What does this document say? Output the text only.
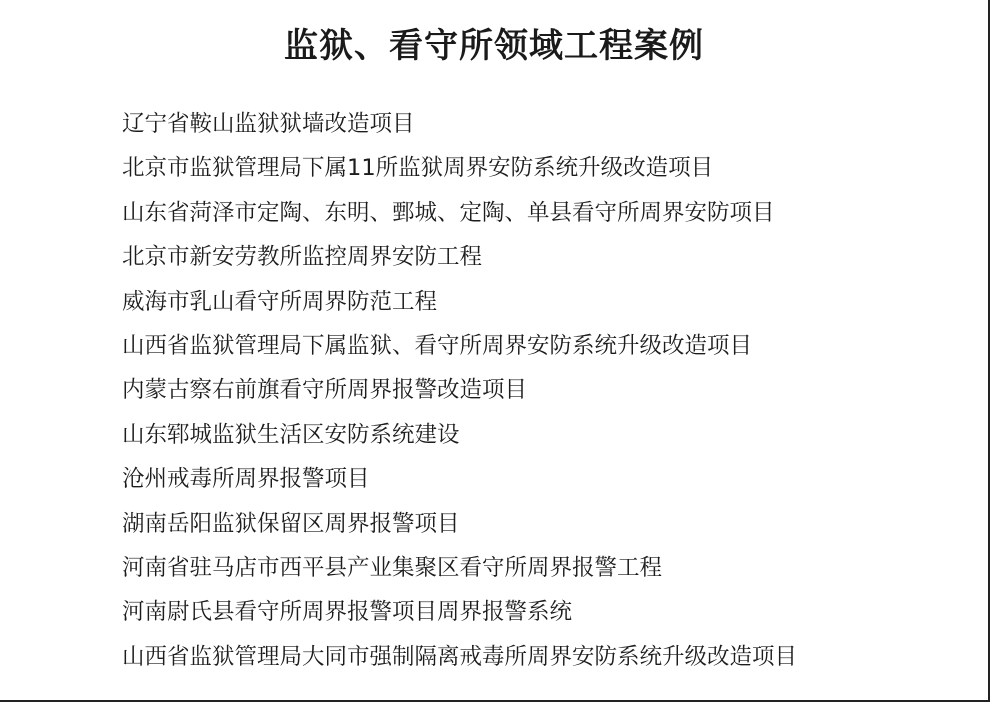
监狱、看守所领域工程案例
辽宁省鞍山监狱狱墙改造项目
北京市监狱管理局下属11所监狱周界安防系统升级改造项目
山东省菏泽市定陶、东明、鄄城、定陶、单县看守所周界安防项目
北京市新安劳教所监控周界安防工程
威海市乳山看守所周界防范工程
山西省监狱管理局下属监狱、看守所周界安防系统升级改造项目
内蒙古察右前旗看守所周界报警改造项目
山东郓城监狱生活区安防系统建设
沧州戒毒所周界报警项目
湖南岳阳监狱保留区周界报警项目
河南省驻马店市西平县产业集聚区看守所周界报警工程
河南尉氏县看守所周界报警项目周界报警系统
山西省监狱管理局大同市强制隔离戒毒所周界安防系统升级改造项目
